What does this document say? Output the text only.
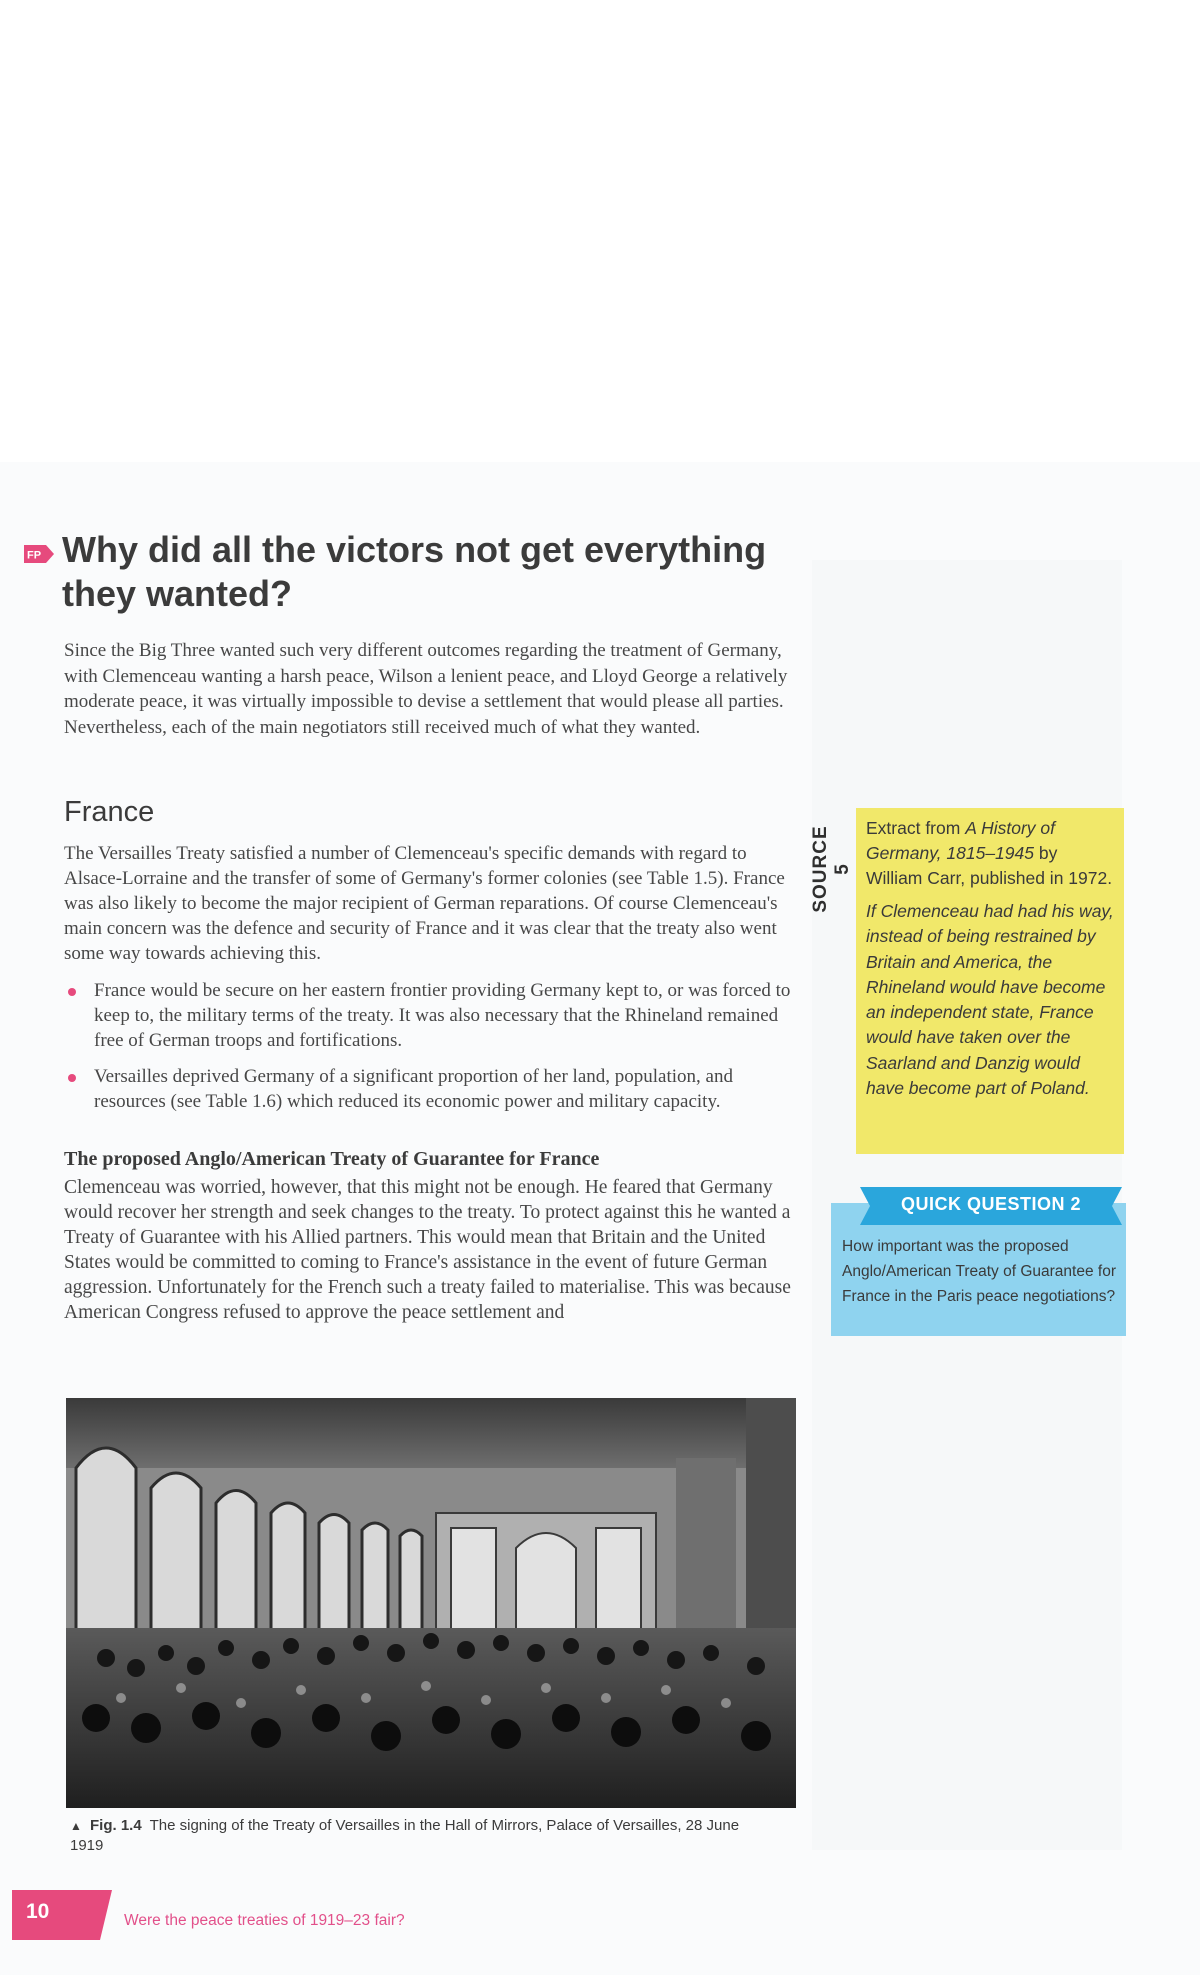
FP Why did all the victors not get everything
they wanted?

Since the Big Three wanted such very different outcomes regarding the treatment of Germany, with Clemenceau wanting a harsh peace, Wilson a lenient peace, and Lloyd George a relatively moderate peace, it was virtually impossible to devise a settlement that would please all parties. Nevertheless, each of the main negotiators still received much of what they wanted.

France

The Versailles Treaty satisfied a number of Clemenceau's specific demands with regard to Alsace-Lorraine and the transfer of some of Germany's former colonies (see Table 1.5). France was also likely to become the major recipient of German reparations. Of course Clemenceau's main concern was the defence and security of France and it was clear that the treaty also went some way towards achieving this.

France would be secure on her eastern frontier providing Germany kept to, or was forced to keep to, the military terms of the treaty. It was also necessary that the Rhineland remained free of German troops and fortifications.
Versailles deprived Germany of a significant proportion of her land, population, and resources (see Table 1.6) which reduced its economic power and military capacity.
The proposed Anglo/American Treaty of Guarantee for France

Clemenceau was worried, however, that this might not be enough. He feared that Germany would recover her strength and seek changes to the treaty. To protect against this he wanted a Treaty of Guarantee with his Allied partners. This would mean that Britain and the United States would be committed to coming to France's assistance in the event of future German aggression. Unfortunately for the French such a treaty failed to materialise. This was because American Congress refused to approve the peace settlement and

▲ Fig. 1.4 The signing of the Treaty of Versailles in the Hall of Mirrors, Palace of Versailles, 28 June 1919

SOURCE 5

Extract from A History of Germany, 1815–1945 by William Carr, published in 1972.

If Clemenceau had had his way, instead of being restrained by Britain and America, the Rhineland would have become an independent state, France would have taken over the Saarland and Danzig would have become part of Poland.

How important was the proposed Anglo/American Treaty of Guarantee for France in the Paris peace negotiations?
QUICK QUESTION 2
10	Were the peace treaties of 1919–23 fair?
